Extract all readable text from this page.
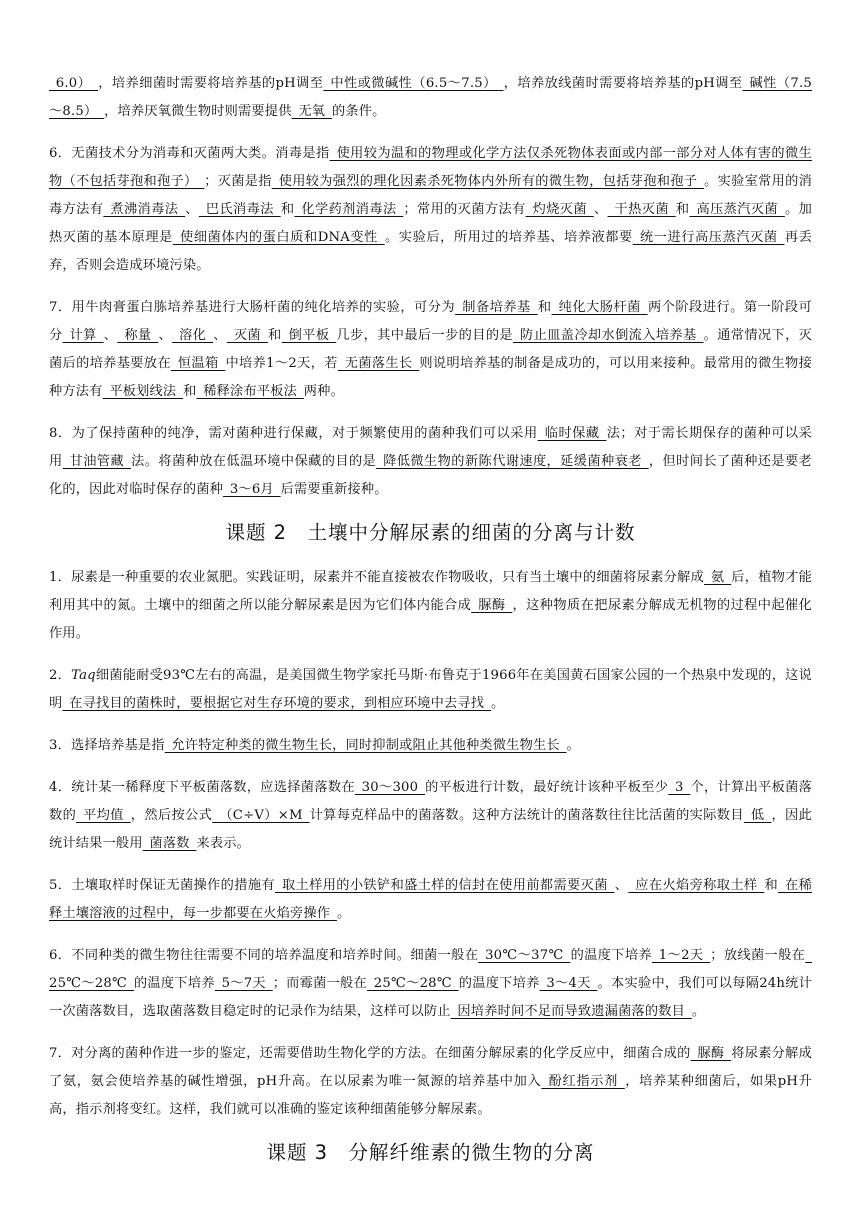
 6.0） ，培养细菌时需要将培养基的pH调至 中性或微碱性（6.5～7.5） ，培养放线菌时需要将培养基的pH调至 碱性（7.5～8.5） ，培养厌氧微生物时则需要提供 无氧 的条件。

6．无菌技术分为消毒和灭菌两大类。消毒是指 使用较为温和的物理或化学方法仅杀死物体表面或内部一部分对人体有害的微生物（不包括芽孢和孢子） ；灭菌是指 使用较为强烈的理化因素杀死物体内外所有的微生物，包括芽孢和孢子 。实验室常用的消毒方法有 煮沸消毒法 、 巴氏消毒法 和 化学药剂消毒法 ；常用的灭菌方法有 灼烧灭菌 、 干热灭菌 和 高压蒸汽灭菌 。加热灭菌的基本原理是 使细菌体内的蛋白质和DNA变性 。实验后，所用过的培养基、培养液都要 统一进行高压蒸汽灭菌 再丢弃，否则会造成环境污染。

7．用牛肉膏蛋白胨培养基进行大肠杆菌的纯化培养的实验，可分为 制备培养基 和 纯化大肠杆菌 两个阶段进行。第一阶段可分 计算 、 称量 、 溶化 、 灭菌 和 倒平板 几步，其中最后一步的目的是 防止皿盖冷却水倒流入培养基 。通常情况下，灭菌后的培养基要放在 恒温箱 中培养1～2天，若 无菌落生长 则说明培养基的制备是成功的，可以用来接种。最常用的微生物接种方法有 平板划线法 和 稀释涂布平板法 两种。

8．为了保持菌种的纯净，需对菌种进行保藏，对于频繁使用的菌种我们可以采用 临时保藏 法；对于需长期保存的菌种可以采用 甘油管藏 法。将菌种放在低温环境中保藏的目的是 降低微生物的新陈代谢速度，延缓菌种衰老 ，但时间长了菌种还是要老化的，因此对临时保存的菌种 3～6月 后需要重新接种。

课题 2　土壤中分解尿素的细菌的分离与计数

1．尿素是一种重要的农业氮肥。实践证明，尿素并不能直接被农作物吸收，只有当土壤中的细菌将尿素分解成 氨 后，植物才能利用其中的氮。土壤中的细菌之所以能分解尿素是因为它们体内能合成 脲酶 ，这种物质在把尿素分解成无机物的过程中起催化作用。

2．Taq细菌能耐受93℃左右的高温，是美国微生物学家托马斯·布鲁克于1966年在美国黄石国家公园的一个热泉中发现的，这说明 在寻找目的菌株时，要根据它对生存环境的要求，到相应环境中去寻找 。

3．选择培养基是指 允许特定种类的微生物生长，同时抑制或阻止其他种类微生物生长 。

4．统计某一稀释度下平板菌落数，应选择菌落数在 30～300 的平板进行计数，最好统计该种平板至少 3 个，计算出平板菌落数的 平均值 ，然后按公式 （C÷V）×M 计算每克样品中的菌落数。这种方法统计的菌落数往往比活菌的实际数目 低 ，因此统计结果一般用 菌落数 来表示。

5．土壤取样时保证无菌操作的措施有 取土样用的小铁铲和盛土样的信封在使用前都需要灭菌 、 应在火焰旁称取土样 和 在稀释土壤溶液的过程中，每一步都要在火焰旁操作 。

6．不同种类的微生物往往需要不同的培养温度和培养时间。细菌一般在 30℃～37℃ 的温度下培养 1～2天 ；放线菌一般在 25℃～28℃ 的温度下培养 5～7天 ；而霉菌一般在 25℃～28℃ 的温度下培养 3～4天 。本实验中，我们可以每隔24h统计一次菌落数目，选取菌落数目稳定时的记录作为结果，这样可以防止 因培养时间不足而导致遗漏菌落的数目 。

7．对分离的菌种作进一步的鉴定，还需要借助生物化学的方法。在细菌分解尿素的化学反应中，细菌合成的 脲酶 将尿素分解成了氨，氨会使培养基的碱性增强，pH升高。在以尿素为唯一氮源的培养基中加入 酚红指示剂 ，培养某种细菌后，如果pH升高，指示剂将变红。这样，我们就可以准确的鉴定该种细菌能够分解尿素。

课题 3　分解纤维素的微生物的分离
